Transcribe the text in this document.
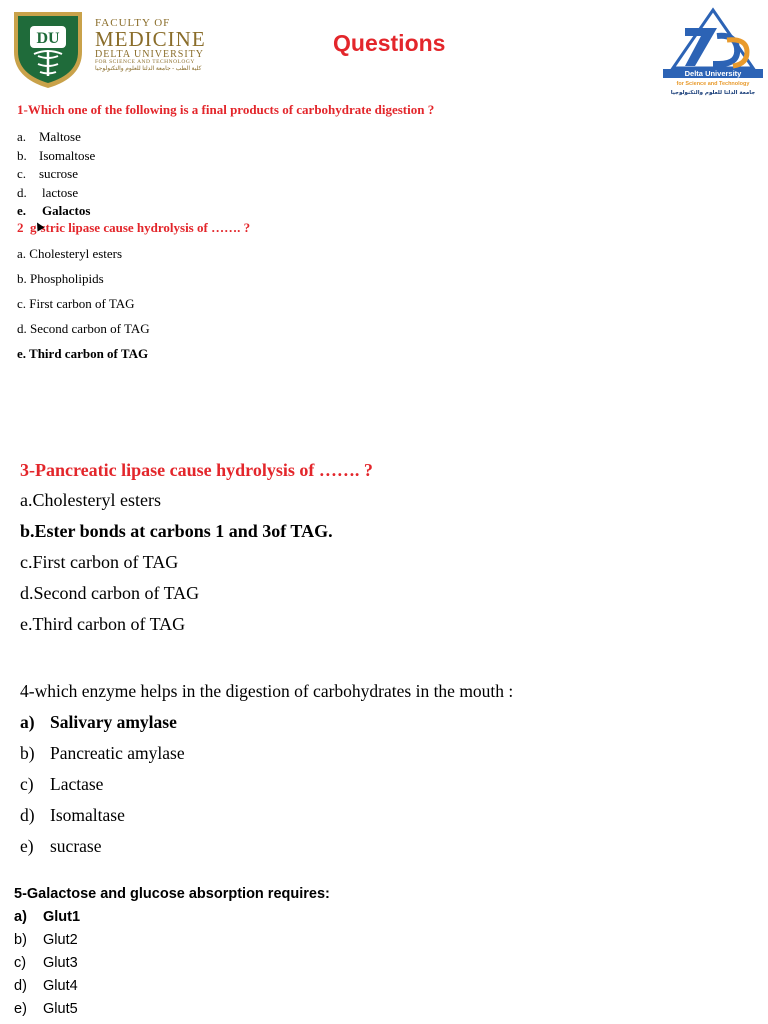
DU
FACULTY OF
MEDICINE
DELTA UNIVERSITY
FOR SCIENCE AND TECHNOLOGY
كلية الطب - جامعة الدلتا للعلوم والتكنولوجيا
Questions
Delta University
for Science and Technology
جامعة الدلتا للعلوم والتكنولوجيا
1-Which one of the following is a final products of carbohydrate digestion ?
a. Maltose
b. Isomaltose
c. sucrose
d. lactose
e. Galactos
2 g stric lipase cause hydrolysis of ……. ?
a. Cholesteryl esters
b. Phospholipids
c. First carbon of TAG
d. Second carbon of TAG
e. Third carbon of TAG
3-Pancreatic lipase cause hydrolysis of ……. ?
a.Cholesteryl esters
b.Ester bonds at carbons 1 and 3of TAG.
c.First carbon of TAG
d.Second carbon of TAG
e.Third carbon of TAG
4-which enzyme helps in the digestion of carbohydrates in the mouth :
a) Salivary amylase
b) Pancreatic amylase
c) Lactase
d) Isomaltase
e) sucrase
5-Galactose and glucose absorption requires:
a) Glut1
b) Glut2
c) Glut3
d) Glut4
e) Glut5
